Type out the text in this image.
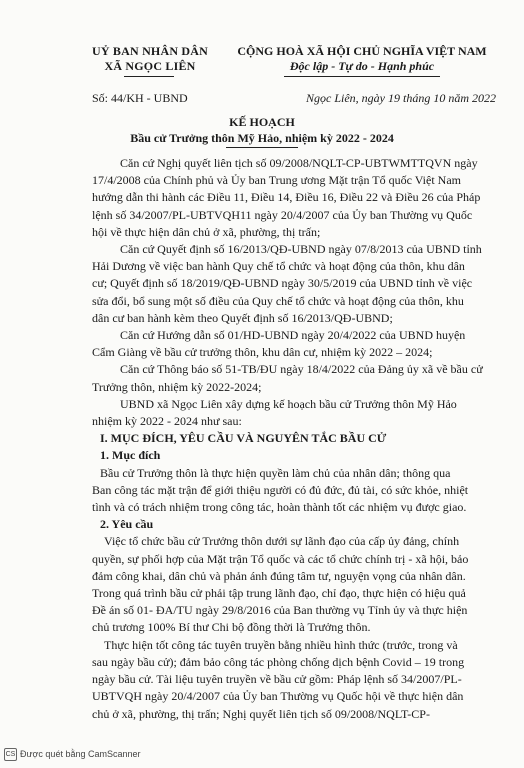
UỶ BAN NHÂN DÂN
XÃ NGỌC LIÊN
CỘNG HOÀ XÃ HỘI CHỦ NGHĨA VIỆT NAM
Độc lập - Tự do - Hạnh phúc
Số: 44/KH - UBND	Ngọc Liên, ngày 19 tháng 10 năm 2022
KẾ HOẠCH
Bầu cử Trưởng thôn Mỹ Hảo, nhiệm kỳ 2022 - 2024
Căn cứ Nghị quyết liên tịch số 09/2008/NQLT-CP-UBTWMTTQVN ngày
17/4/2008 của Chính phủ và Ủy ban Trung ương Mặt trận Tổ quốc Việt Nam
hướng dẫn thi hành các Điều 11, Điều 14, Điều 16, Điều 22 và Điều 26 của Pháp
lệnh số 34/2007/PL-UBTVQH11 ngày 20/4/2007 của Ủy ban Thường vụ Quốc
hội về thực hiện dân chủ ở xã, phường, thị trấn;
Căn cứ Quyết định số 16/2013/QĐ-UBND ngày 07/8/2013 của UBND tỉnh
Hải Dương về việc ban hành Quy chế tổ chức và hoạt động của thôn, khu dân
cư; Quyết định số 18/2019/QĐ-UBND ngày 30/5/2019 của UBND tỉnh về việc
sửa đổi, bổ sung một số điều của Quy chế tổ chức và hoạt động của thôn, khu
dân cư ban hành kèm theo Quyết định số 16/2013/QĐ-UBND;
Căn cứ Hướng dẫn số 01/HD-UBND ngày 20/4/2022 của UBND huyện
Cẩm Giàng về bầu cử trưởng thôn, khu dân cư, nhiệm kỳ 2022 – 2024;
Căn cứ Thông báo số 51-TB/ĐU ngày 18/4/2022 của Đảng ủy xã về bầu cử
Trưởng thôn, nhiệm kỳ 2022-2024;
UBND xã Ngọc Liên xây dựng kế hoạch bầu cử Trưởng thôn Mỹ Hảo
nhiệm kỳ 2022 - 2024 như sau:
I. MỤC ĐÍCH, YÊU CẦU VÀ NGUYÊN TẮC BẦU CỬ
1. Mục đích
Bầu cử Trưởng thôn là thực hiện quyền làm chủ của nhân dân; thông qua
Ban công tác mặt trận để giới thiệu người có đủ đức, đủ tài, có sức khỏe, nhiệt
tình và có trách nhiệm trong công tác, hoàn thành tốt các nhiệm vụ được giao.
2. Yêu cầu
Việc tổ chức bầu cử Trưởng thôn dưới sự lãnh đạo của cấp ủy đảng, chính
quyền, sự phối hợp của Mặt trận Tổ quốc và các tổ chức chính trị - xã hội, bảo
đảm công khai, dân chủ và phản ánh đúng tâm tư, nguyện vọng của nhân dân.
Trong quá trình bầu cử phải tập trung lãnh đạo, chỉ đạo, thực hiện có hiệu quả
Đề án số 01- ĐA/TU ngày 29/8/2016 của Ban thường vụ Tỉnh ủy và thực hiện
chủ trương 100% Bí thư Chi bộ đồng thời là Trưởng thôn.
Thực hiện tốt công tác tuyên truyền bằng nhiều hình thức (trước, trong và
sau ngày bầu cử); đảm bảo công tác phòng chống dịch bệnh Covid – 19 trong
ngày bầu cử. Tài liệu tuyên truyền về bầu cử gồm: Pháp lệnh số 34/2007/PL-
UBTVQH ngày 20/4/2007 của Ủy ban Thường vụ Quốc hội về thực hiện dân
chủ ở xã, phường, thị trấn; Nghị quyết liên tịch số 09/2008/NQLT-CP-
CS Được quét bằng CamScanner
